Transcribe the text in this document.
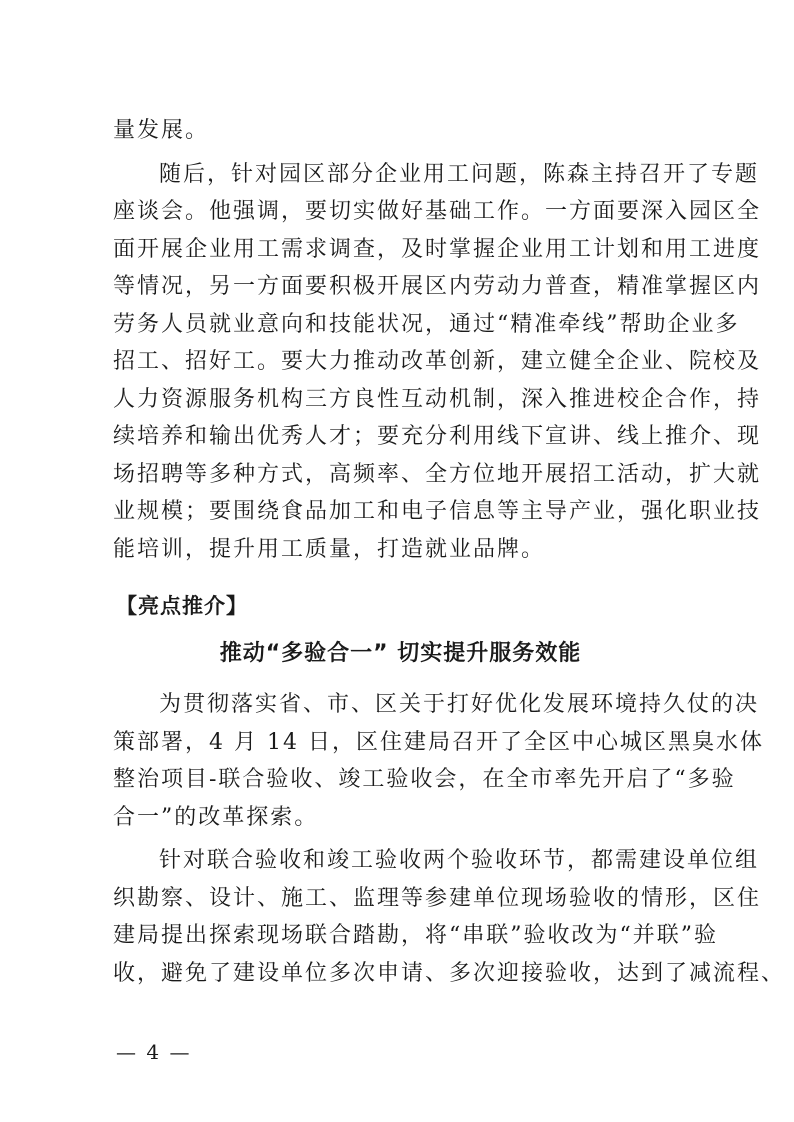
量发展。
随后，针对园区部分企业用工问题，陈森主持召开了专题
座谈会。他强调，要切实做好基础工作。一方面要深入园区全
面开展企业用工需求调查，及时掌握企业用工计划和用工进度
等情况，另一方面要积极开展区内劳动力普查，精准掌握区内
劳务人员就业意向和技能状况，通过“精准牵线”帮助企业多
招工、招好工。要大力推动改革创新，建立健全企业、院校及
人力资源服务机构三方良性互动机制，深入推进校企合作，持
续培养和输出优秀人才；要充分利用线下宣讲、线上推介、现
场招聘等多种方式，高频率、全方位地开展招工活动，扩大就
业规模；要围绕食品加工和电子信息等主导产业，强化职业技
能培训，提升用工质量，打造就业品牌。
【亮点推介】
推动“多验合一” 切实提升服务效能
为贯彻落实省、市、区关于打好优化发展环境持久仗的决
策部署，4 月 14 日，区住建局召开了全区中心城区黑臭水体
整治项目-联合验收、竣工验收会，在全市率先开启了“多验
合一”的改革探索。
针对联合验收和竣工验收两个验收环节，都需建设单位组
织勘察、设计、施工、监理等参建单位现场验收的情形，区住
建局提出探索现场联合踏勘，将“串联”验收改为“并联”验
收，避免了建设单位多次申请、多次迎接验收，达到了减流程、
— 4 —
